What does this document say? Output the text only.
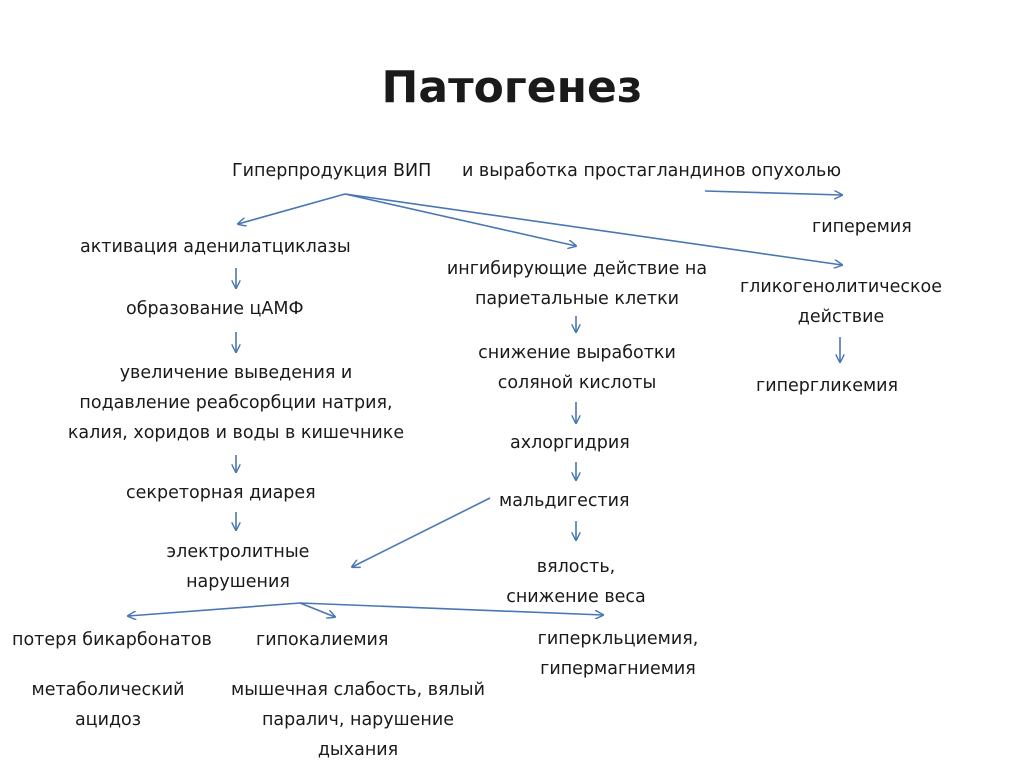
Патогенез
Гиперпродукция ВИП и выработка простагландинов опухолью
гиперемия
активация аденилатциклазы
образование цАМФ
увеличение выведения и
подавление реабсорбции натрия,
калия, хоридов и воды в кишечнике
секреторная диарея
электролитные
нарушения
потеря бикарбонатов
метаболический
ацидоз
гипокалиемия
мышечная слабость, вялый
паралич, нарушение
дыхания
гиперкльциемия,
гипермагниемия
ингибирующие действие на
париетальные клетки
снижение выработки
соляной кислоты
ахлоргидрия
мальдигестия
вялость,
снижение веса
гликогенолитическое
действие
гипергликемия
